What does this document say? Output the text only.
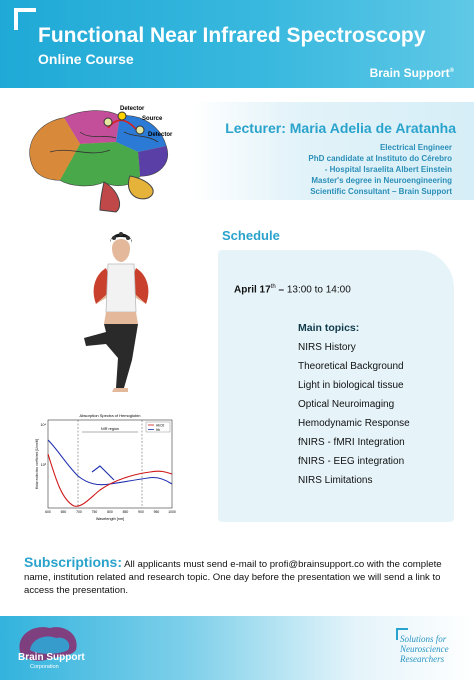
Functional Near Infrared Spectroscopy
Online Course
Brain Support®
Detector
Source
Detector	Lecturer: Maria Adelia de Aratanha
Electrical Engineer
PhD candidate at Instituto do Cérebro
- Hospital Israelita Albert Einstein
Master's degree in Neuroengineering
Scientific Consultant – Brain Support
Absorption Spectra of Hemoglobin
NIR region
HbO2
Hb
10⁴
10³
Molar extinction coefficient [1/cm/M]
600	650	700	750	800	850	900	950	1000
Wavelength [nm]
Schedule
April 17th – 13:00 to 14:00
Main topics:
NIRS History
Theoretical Background
Light in biological tissue
Optical Neuroimaging
Hemodynamic Response
fNIRS - fMRI Integration
fNIRS - EEG integration
NIRS Limitations
Subscriptions: All applicants must send e-mail to profi@brainsupport.co with the complete name, institution related and research topic. One day before the presentation we will send a link to access the presentation.
Brain Support
Corporation
Solutions for
Neuroscience
Researchers
